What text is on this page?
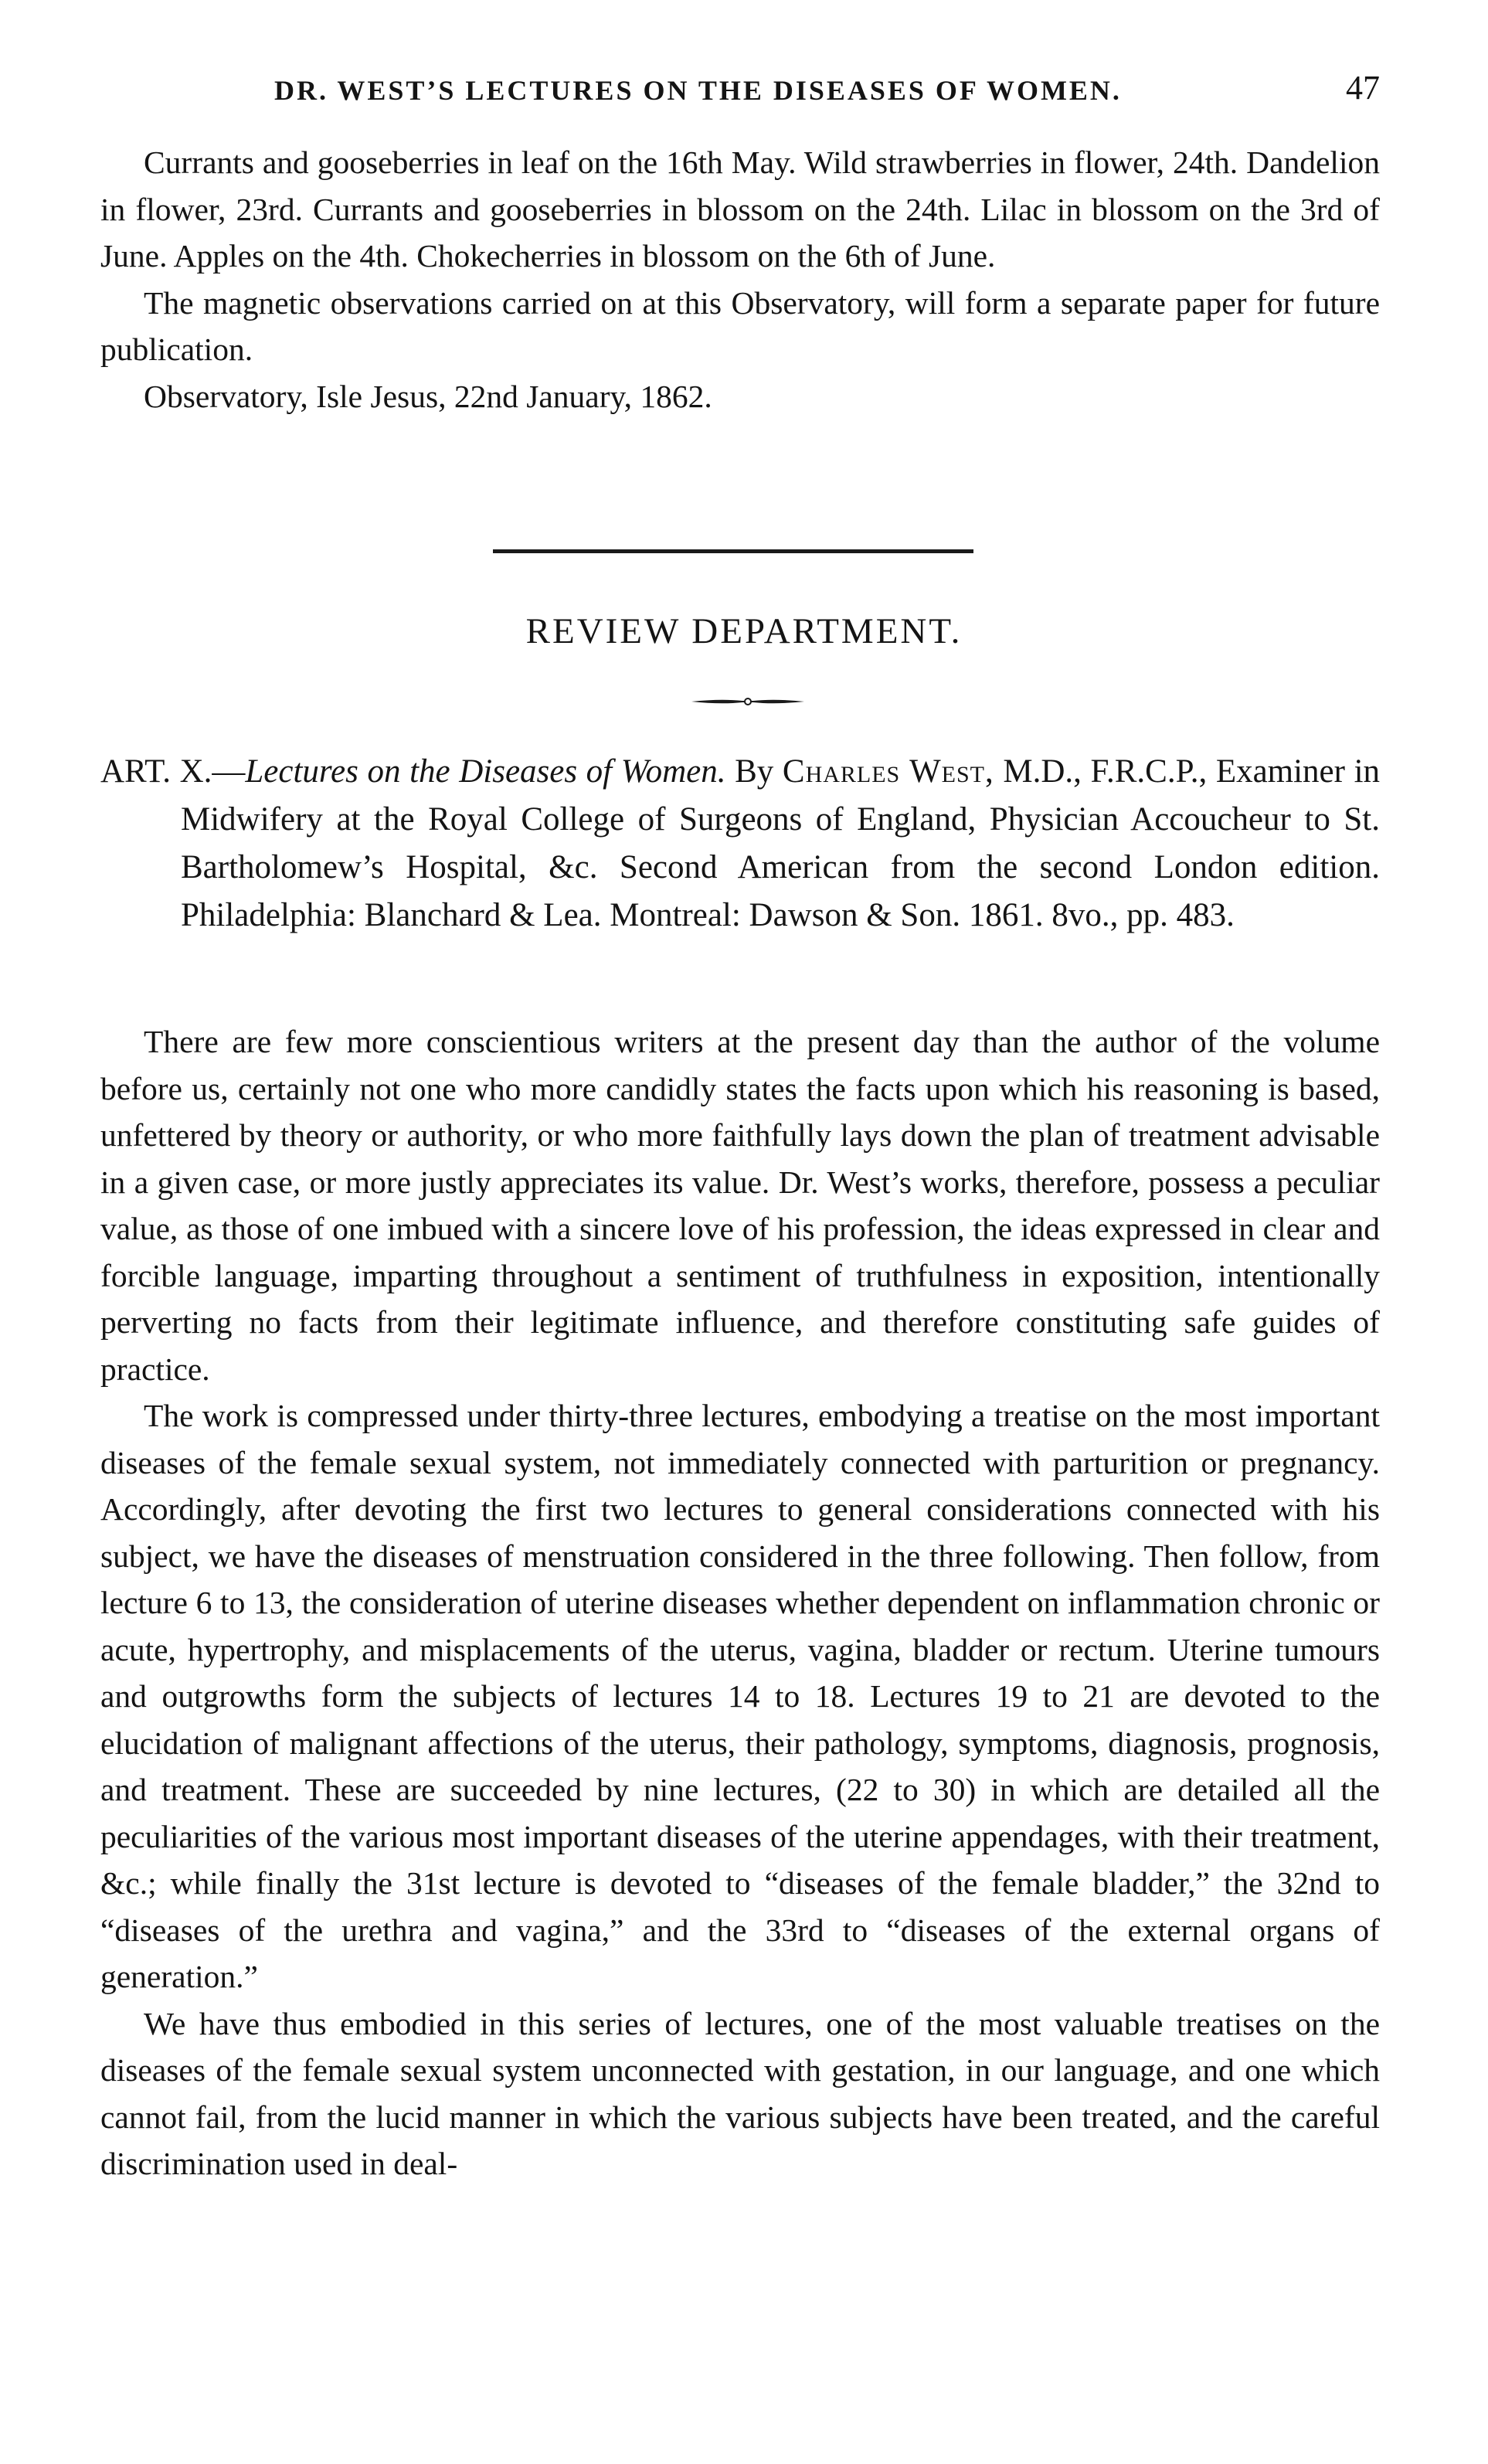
DR. WEST’S LECTURES ON THE DISEASES OF WOMEN.	47

Currants and gooseberries in leaf on the 16th May. Wild strawberries in flower, 24th. Dandelion in flower, 23rd. Currants and gooseberries in blossom on the 24th. Lilac in blossom on the 3rd of June. Apples on the 4th. Chokecherries in blossom on the 6th of June.

The magnetic observations carried on at this Observatory, will form a separate paper for future publication.

Observatory, Isle Jesus, 22nd January, 1862.

REVIEW DEPARTMENT.
ART. X.—Lectures on the Diseases of Women. By Charles West, M.D., F.R.C.P., Examiner in Midwifery at the Royal College of Surgeons of England, Physician Accoucheur to St. Bartholomew’s Hospital, &c. Second American from the second London edition. Philadelphia: Blanchard & Lea. Montreal: Dawson & Son. 1861. 8vo., pp. 483.

There are few more conscientious writers at the present day than the author of the volume before us, certainly not one who more candidly states the facts upon which his reasoning is based, unfettered by theory or authority, or who more faithfully lays down the plan of treatment advisable in a given case, or more justly appreciates its value. Dr. West’s works, therefore, possess a peculiar value, as those of one imbued with a sincere love of his profession, the ideas expressed in clear and forcible language, imparting throughout a sentiment of truthfulness in exposition, intentionally perverting no facts from their legitimate influence, and therefore constituting safe guides of practice.

The work is compressed under thirty-three lectures, embodying a treatise on the most important diseases of the female sexual system, not immediately connected with parturition or pregnancy. Accordingly, after devoting the first two lectures to general considerations connected with his subject, we have the diseases of menstruation considered in the three following. Then follow, from lecture 6 to 13, the consideration of uterine diseases whether dependent on inflammation chronic or acute, hypertrophy, and misplacements of the uterus, vagina, bladder or rectum. Uterine tumours and outgrowths form the subjects of lectures 14 to 18. Lectures 19 to 21 are devoted to the elucidation of malignant affections of the uterus, their pathology, symptoms, diagnosis, prognosis, and treatment. These are succeeded by nine lectures, (22 to 30) in which are detailed all the peculiarities of the various most important diseases of the uterine appendages, with their treatment, &c.; while finally the 31st lecture is devoted to “diseases of the female bladder,” the 32nd to “diseases of the urethra and vagina,” and the 33rd to “diseases of the external organs of generation.”

We have thus embodied in this series of lectures, one of the most valuable treatises on the diseases of the female sexual system unconnected with gestation, in our language, and one which cannot fail, from the lucid manner in which the various subjects have been treated, and the careful discrimination used in deal-
